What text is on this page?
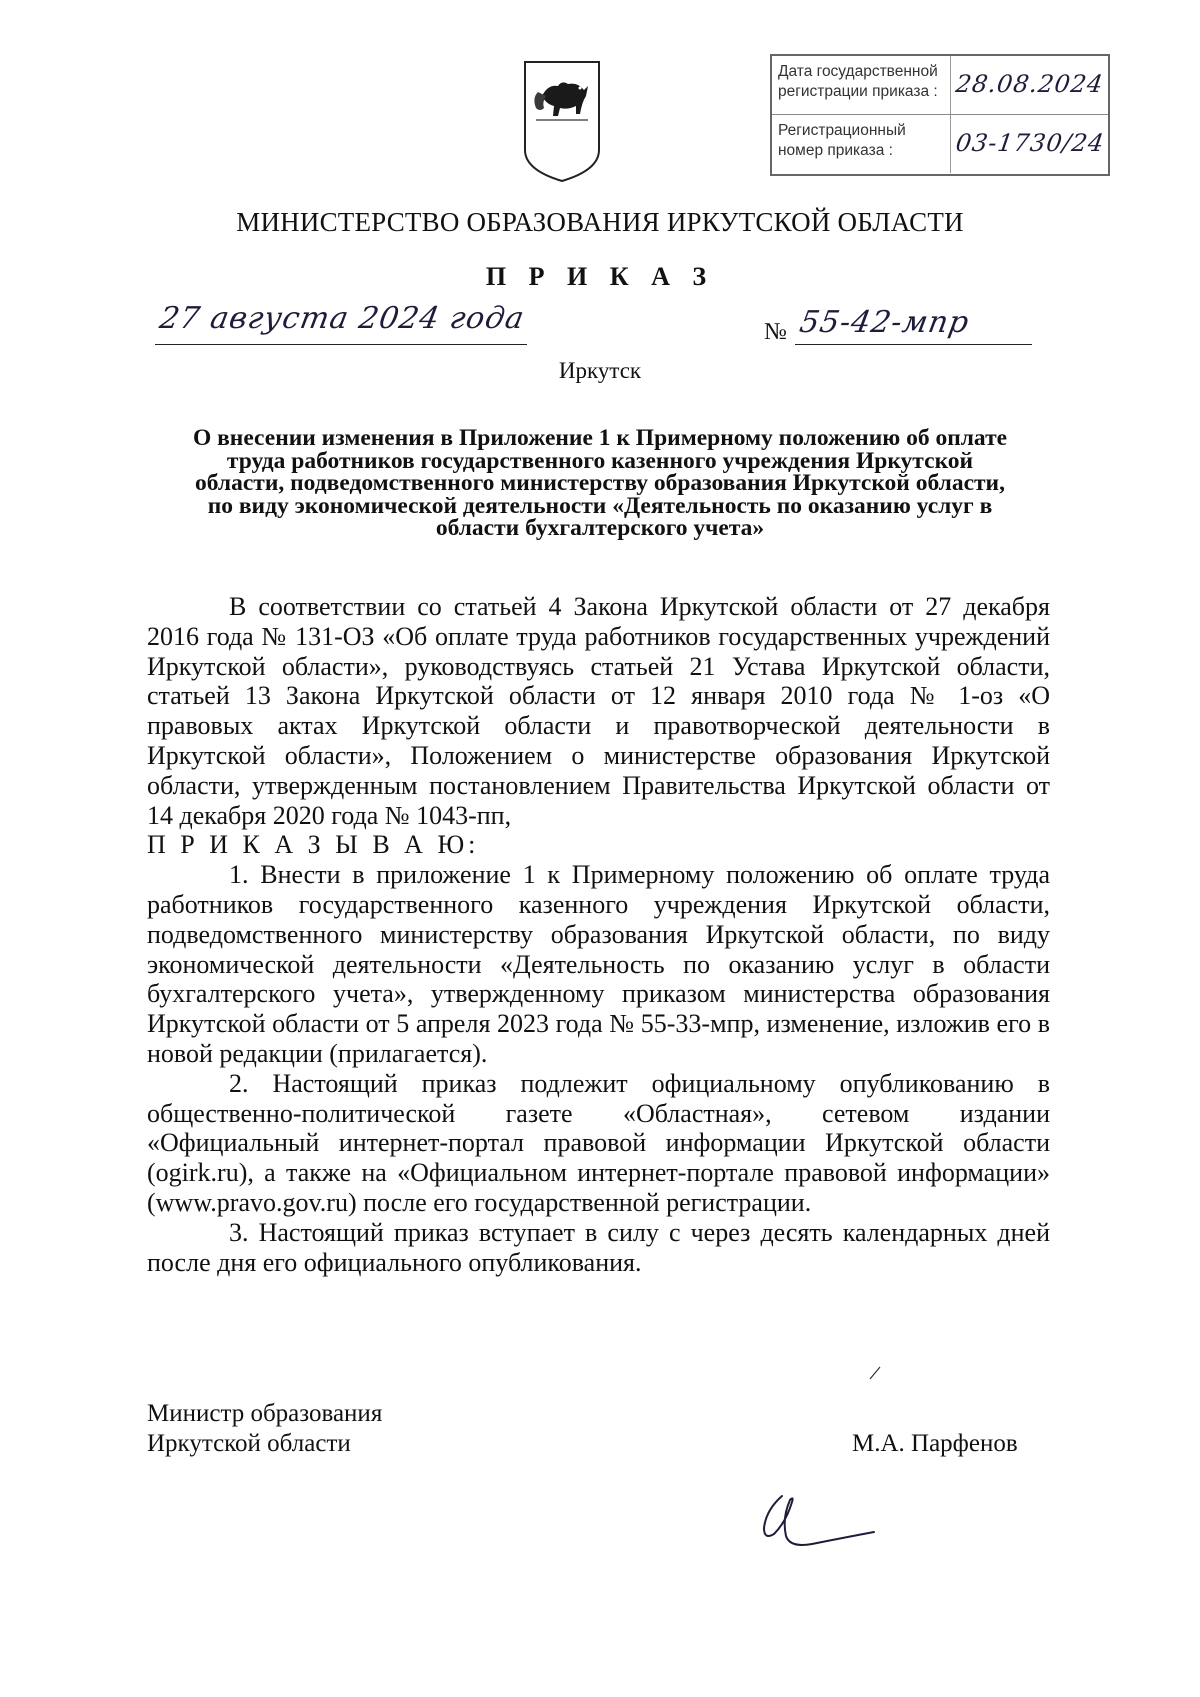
Дата государственной
регистрации приказа : 28.08.2024
Регистрационный
номер приказа :	03-1730/24
МИНИСТЕРСТВО ОБРАЗОВАНИЯ ИРКУТСКОЙ ОБЛАСТИ
П Р И К А З
27 августа 2024 года	№ 55-42-мпр
Иркутск
О внесении изменения в Приложение 1 к Примерному положению об оплате
труда работников государственного казенного учреждения Иркутской
области, подведомственного министерству образования Иркутской области,
по виду экономической деятельности «Деятельность по оказанию услуг в
области бухгалтерского учета»

В соответствии со статьей 4 Закона Иркутской области от 27 декабря 2016 года № 131-ОЗ «Об оплате труда работников государственных учреждений Иркутской области», руководствуясь статьей 21 Устава Иркутской области, статьей 13 Закона Иркутской области от 12 января 2010 года № 1-оз «О правовых актах Иркутской области и правотворческой деятельности в Иркутской области», Положением о министерстве образования Иркутской области, утвержденным постановлением Правительства Иркутской области от 14 декабря 2020 года № 1043-пп,

П Р И К А З Ы В А Ю:

1. Внести в приложение 1 к Примерному положению об оплате труда работников государственного казенного учреждения Иркутской области, подведомственного министерству образования Иркутской области, по виду экономической деятельности «Деятельность по оказанию услуг в области бухгалтерского учета», утвержденному приказом министерства образования Иркутской области от 5 апреля 2023 года № 55-33-мпр, изменение, изложив его в новой редакции (прилагается).

2. Настоящий приказ подлежит официальному опубликованию в общественно-политической газете «Областная», сетевом издании «Официальный интернет-портал правовой информации Иркутской области (ogirk.ru), а также на «Официальном интернет-портале правовой информации» (www.pravo.gov.ru) после его государственной регистрации.

3. Настоящий приказ вступает в силу с через десять календарных дней после дня его официального опубликования.

Министр образования
Иркутской области	М.А. Парфенов
